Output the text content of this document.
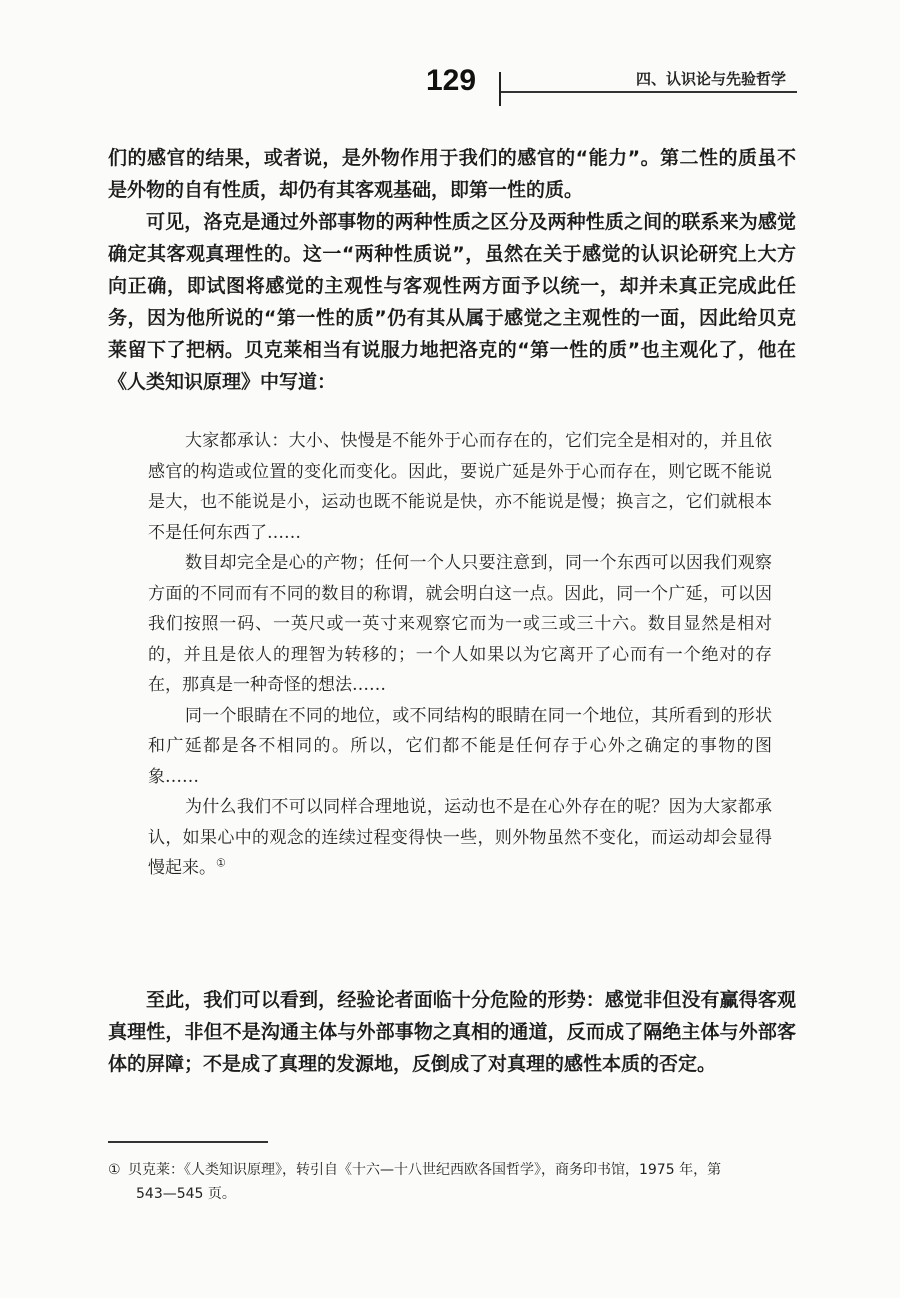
129	四、认识论与先验哲学

们的感官的结果，或者说，是外物作用于我们的感官的“能力”。第二性的质虽不是外物的自有性质，却仍有其客观基础，即第一性的质。

可见，洛克是通过外部事物的两种性质之区分及两种性质之间的联系来为感觉确定其客观真理性的。这一“两种性质说”，虽然在关于感觉的认识论研究上大方向正确，即试图将感觉的主观性与客观性两方面予以统一，却并未真正完成此任务，因为他所说的“第一性的质”仍有其从属于感觉之主观性的一面，因此给贝克莱留下了把柄。贝克莱相当有说服力地把洛克的“第一性的质”也主观化了，他在《人类知识原理》中写道：

大家都承认：大小、快慢是不能外于心而存在的，它们完全是相对的，并且依感官的构造或位置的变化而变化。因此，要说广延是外于心而存在，则它既不能说是大，也不能说是小，运动也既不能说是快，亦不能说是慢；换言之，它们就根本不是任何东西了……

数目却完全是心的产物；任何一个人只要注意到，同一个东西可以因我们观察方面的不同而有不同的数目的称谓，就会明白这一点。因此，同一个广延，可以因我们按照一码、一英尺或一英寸来观察它而为一或三或三十六。数目显然是相对的，并且是依人的理智为转移的；一个人如果以为它离开了心而有一个绝对的存在，那真是一种奇怪的想法……

同一个眼睛在不同的地位，或不同结构的眼睛在同一个地位，其所看到的形状和广延都是各不相同的。所以，它们都不能是任何存于心外之确定的事物的图象……

为什么我们不可以同样合理地说，运动也不是在心外存在的呢？因为大家都承认，如果心中的观念的连续过程变得快一些，则外物虽然不变化，而运动却会显得慢起来。①

至此，我们可以看到，经验论者面临十分危险的形势：感觉非但没有赢得客观真理性，非但不是沟通主体与外部事物之真相的通道，反而成了隔绝主体与外部客体的屏障；不是成了真理的发源地，反倒成了对真理的感性本质的否定。

① 贝克莱：《人类知识原理》，转引自《十六—十八世纪西欧各国哲学》，商务印书馆，1975 年，第
543—545 页。
